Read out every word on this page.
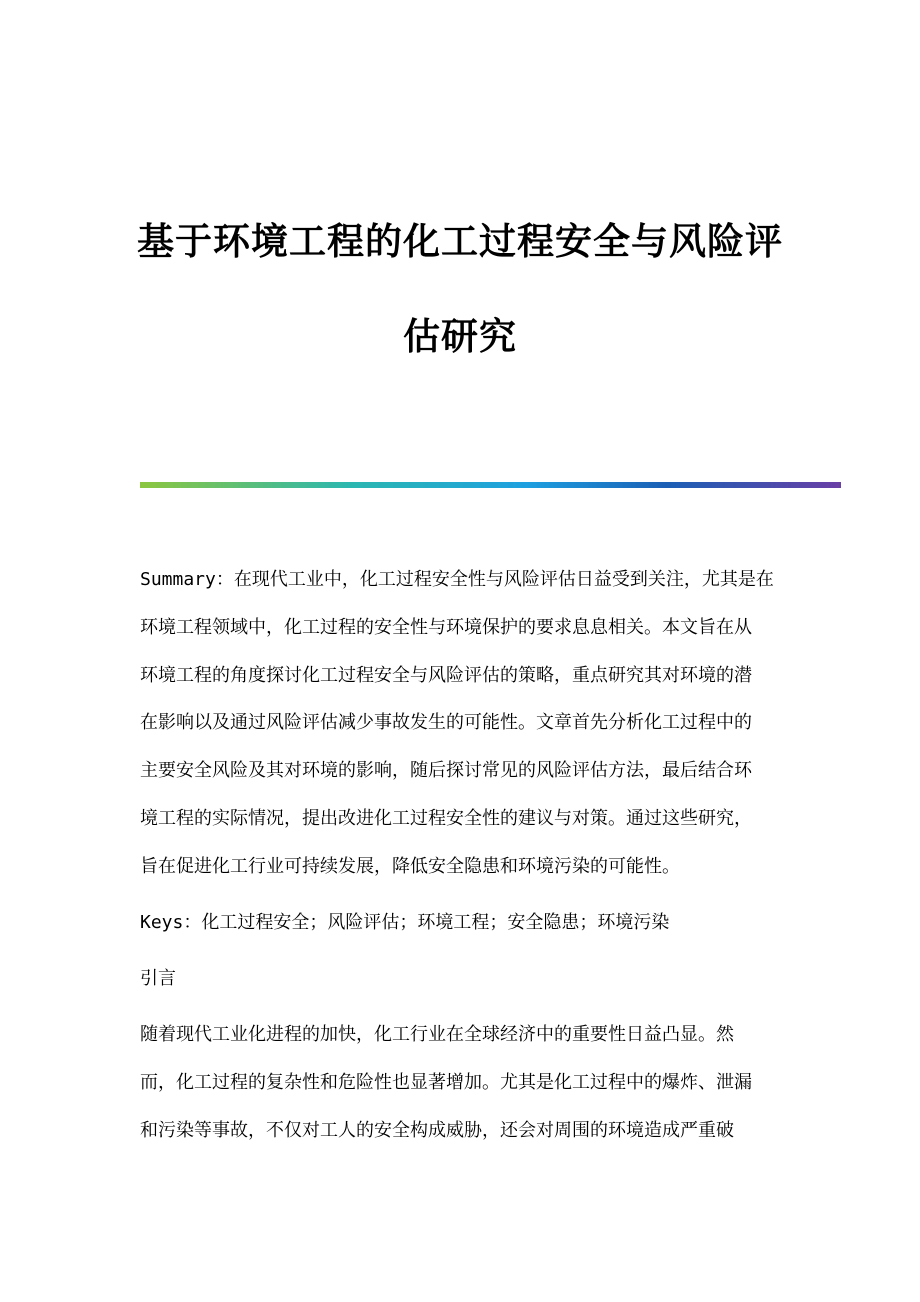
基于环境工程的化工过程安全与风险评
估研究
Summary：在现代工业中，化工过程安全性与风险评估日益受到关注，尤其是在
环境工程领域中，化工过程的安全性与环境保护的要求息息相关。本文旨在从
环境工程的角度探讨化工过程安全与风险评估的策略，重点研究其对环境的潜
在影响以及通过风险评估减少事故发生的可能性。文章首先分析化工过程中的
主要安全风险及其对环境的影响，随后探讨常见的风险评估方法，最后结合环
境工程的实际情况，提出改进化工过程安全性的建议与对策。通过这些研究，
旨在促进化工行业可持续发展，降低安全隐患和环境污染的可能性。
Keys：化工过程安全；风险评估；环境工程；安全隐患；环境污染
引言
随着现代工业化进程的加快，化工行业在全球经济中的重要性日益凸显。然
而，化工过程的复杂性和危险性也显著增加。尤其是化工过程中的爆炸、泄漏
和污染等事故，不仅对工人的安全构成威胁，还会对周围的环境造成严重破
